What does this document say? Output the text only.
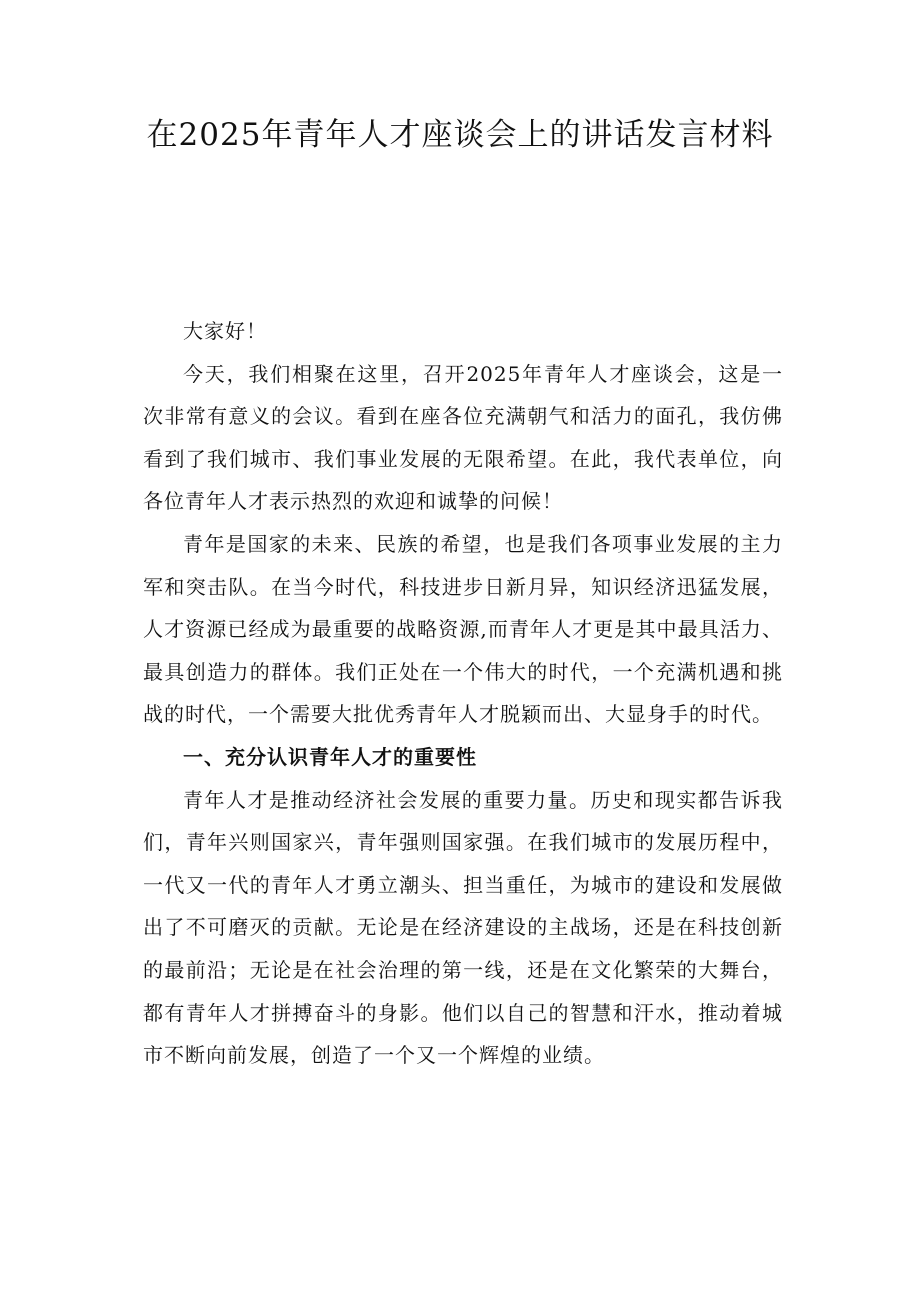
在2025年青年人才座谈会上的讲话发言材料

大家好！

今天，我们相聚在这里，召开2025年青年人才座谈会，这是一次非常有意义的会议。看到在座各位充满朝气和活力的面孔，我仿佛看到了我们城市、我们事业发展的无限希望。在此，我代表单位，向各位青年人才表示热烈的欢迎和诚挚的问候！

青年是国家的未来、民族的希望，也是我们各项事业发展的主力军和突击队。在当今时代，科技进步日新月异，知识经济迅猛发展，人才资源已经成为最重要的战略资源,而青年人才更是其中最具活力、最具创造力的群体。我们正处在一个伟大的时代，一个充满机遇和挑战的时代，一个需要大批优秀青年人才脱颖而出、大显身手的时代。

一、充分认识青年人才的重要性

青年人才是推动经济社会发展的重要力量。历史和现实都告诉我们，青年兴则国家兴，青年强则国家强。在我们城市的发展历程中，一代又一代的青年人才勇立潮头、担当重任，为城市的建设和发展做出了不可磨灭的贡献。无论是在经济建设的主战场，还是在科技创新的最前沿；无论是在社会治理的第一线，还是在文化繁荣的大舞台，都有青年人才拼搏奋斗的身影。他们以自己的智慧和汗水，推动着城市不断向前发展，创造了一个又一个辉煌的业绩。
